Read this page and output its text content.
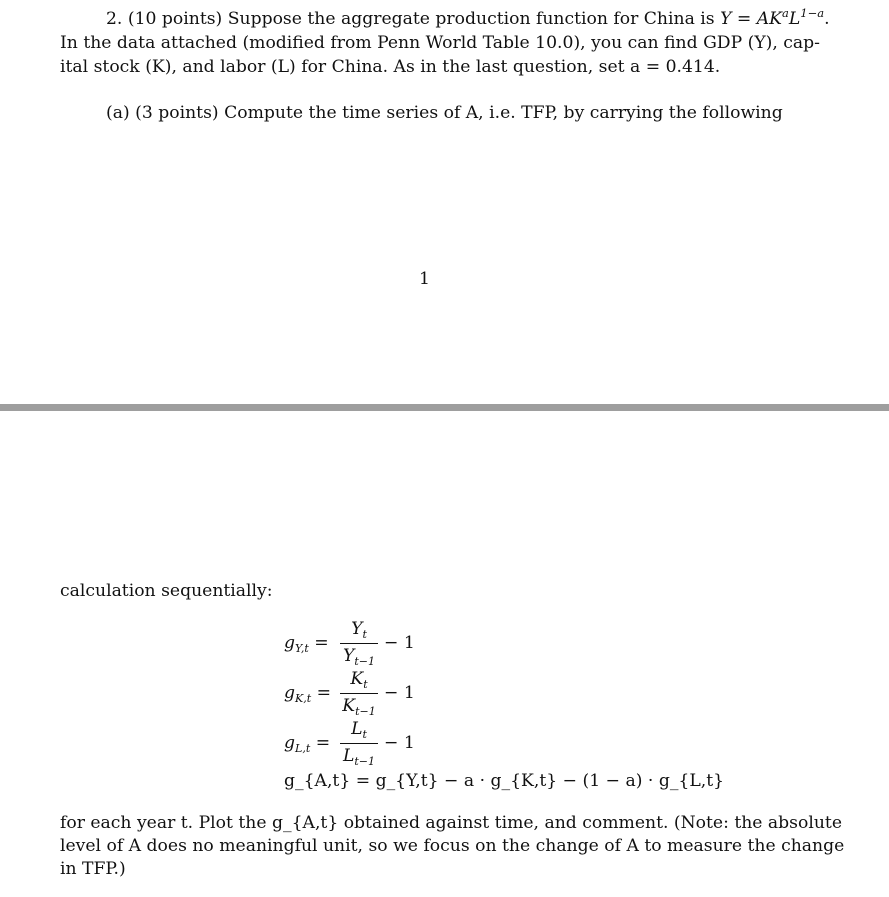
2. (10 points) Suppose the aggregate production function for China is $Y = AK^aL^{1-a}$.
In the data attached (modified from Penn World Table 10.0), you can find GDP (Y), cap-
ital stock (K), and labor (L) for China. As in the last question, set a = 0.414.
(a) (3 points) Compute the time series of A, i.e. TFP, by carrying the following
1
calculation sequentially:
$g_{Y,t}$ =
$Y_t$
$Y_{t-1}$
− 1
$g_{K,t}$ =
$K_t$
$K_{t-1}$
− 1
$g_{L,t}$ =
$L_t$
$L_{t-1}$
− 1
g_{A,t} = g_{Y,t} − a · g_{K,t} − (1 − a) · g_{L,t}
for each year t. Plot the g_{A,t} obtained against time, and comment. (Note: the absolute
level of A does no meaningful unit, so we focus on the change of A to measure the change
in TFP.)
